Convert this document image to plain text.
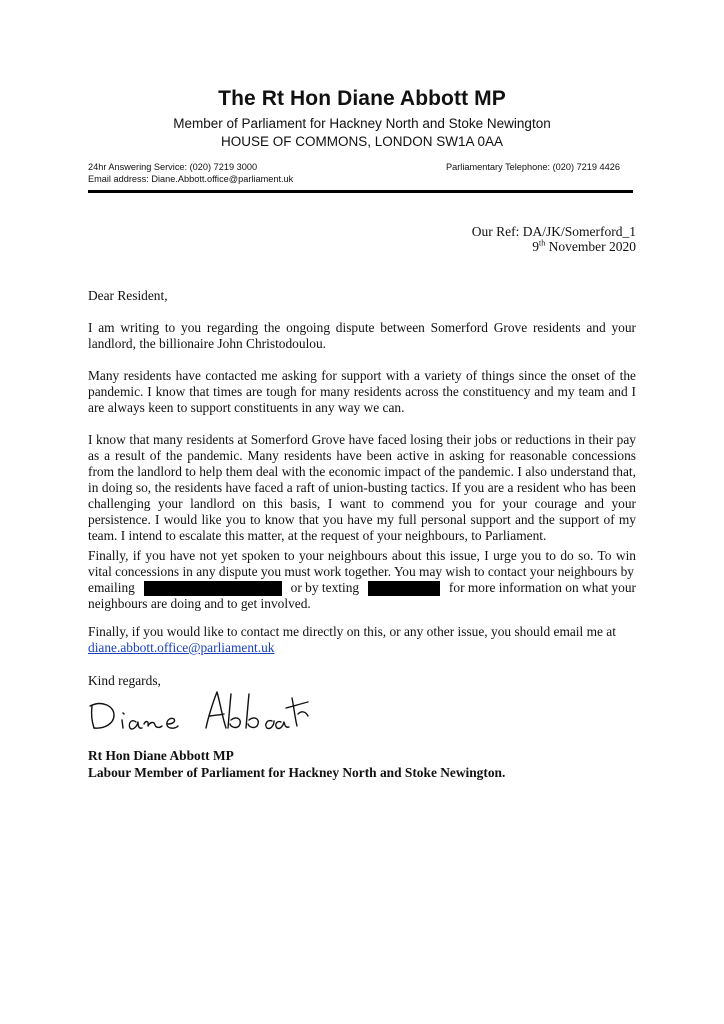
The Rt Hon Diane Abbott MP
Member of Parliament for Hackney North and Stoke Newington
HOUSE OF COMMONS, LONDON SW1A 0AA
24hr Answering Service: (020) 7219 3000
Email address: Diane.Abbott.office@parliament.uk
Parliamentary Telephone: (020) 7219 4426
Our Ref: DA/JK/Somerford_1
9th November 2020
Dear Resident,
I am writing to you regarding the ongoing dispute between Somerford Grove residents and your landlord, the billionaire John Christodoulou.
Many residents have contacted me asking for support with a variety of things since the onset of the pandemic. I know that times are tough for many residents across the constituency and my team and I are always keen to support constituents in any way we can.
I know that many residents at Somerford Grove have faced losing their jobs or reductions in their pay as a result of the pandemic. Many residents have been active in asking for reasonable concessions from the landlord to help them deal with the economic impact of the pandemic. I also understand that, in doing so, the residents have faced a raft of union-busting tactics. If you are a resident who has been challenging your landlord on this basis, I want to commend you for your courage and your persistence. I would like you to know that you have my full personal support and the support of my team. I intend to escalate this matter, at the request of your neighbours, to Parliament.
Finally, if you have not yet spoken to your neighbours about this issue, I urge you to do so. To win vital concessions in any dispute you must work together. You may wish to contact your neighbours by
emailing	or by texting	for more information on what your
neighbours are doing and to get involved.
Finally, if you would like to contact me directly on this, or any other issue, you should email me at
diane.abbott.office@parliament.uk
Kind regards,
Rt Hon Diane Abbott MP
Labour Member of Parliament for Hackney North and Stoke Newington.
